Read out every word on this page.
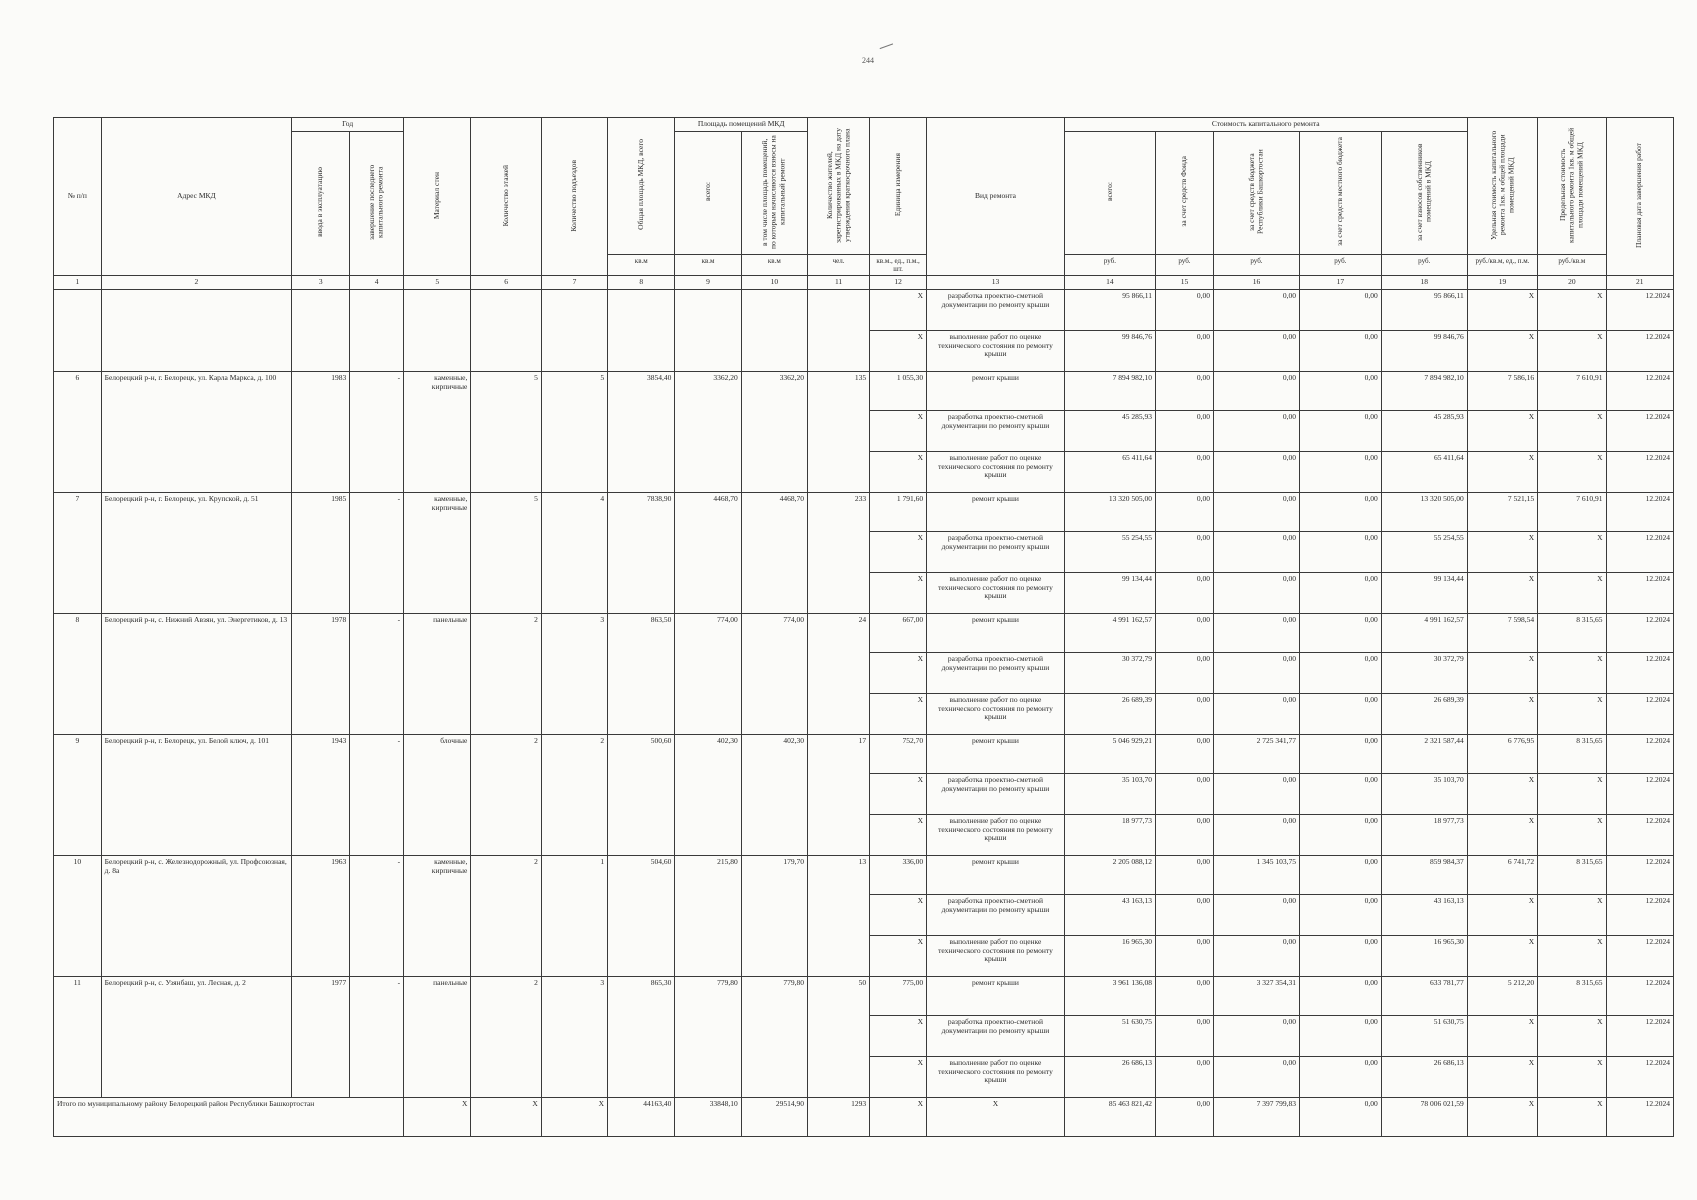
244
№ п/п	Адрес МКД	Год		Материал стен	Количество этажей	Количество подъездов	Общая площадь МКД, всего	Площадь помещений МКД		Количество жителей, зарегистрированных в МКД на дату утверждения краткосрочного плана	Единица измерения	Вид ремонта	Стоимость капитального ремонта					Удельная стоимость капитального ремонта 1кв. м общей площади помещений МКД	Предельная стоимость капитального ремонта 1кв. м общей площади помещений МКД	Плановая дата завершения работ
		ввода в эксплуатацию	завершение последнего капитального ремонта					всего:	в том числе площадь помещений, по которым начисляются взносы на капитальный ремонт				всего:	за счет средств Фонда	за счет средств бюджета Республики Башкортостан	за счет средств местного бюджета	за счет взносов собственников помещений в МКД			
							кв.м	кв.м	кв.м	чел.	кв.м., ед., п.м., шт.		руб.	руб.	руб.	руб.	руб.	руб./кв.м, ед., п.м.	руб./кв.м	
1	2	3	4	5	6	7	8	9	10	11	12	13	14	15	16	17	18	19	20	21
											X	разработка проектно-сметной документации по ремонту крыши	95 866,11	0,00	0,00	0,00	95 866,11	X	X	12.2024
											X	выполнение работ по оценке технического состояния по ремонту крыши	99 846,76	0,00	0,00	0,00	99 846,76	X	X	12.2024
6	Белорецкий р-н, г. Белорецк, ул. Карла Маркса, д. 100	1983	-	каменные, кирпичные	5	5	3854,40	3362,20	3362,20	135	1 055,30	ремонт крыши	7 894 982,10	0,00	0,00	0,00	7 894 982,10	7 586,16	7 610,91	12.2024
											X	разработка проектно-сметной документации по ремонту крыши	45 285,93	0,00	0,00	0,00	45 285,93	X	X	12.2024
											X	выполнение работ по оценке технического состояния по ремонту крыши	65 411,64	0,00	0,00	0,00	65 411,64	X	X	12.2024
7	Белорецкий р-н, г. Белорецк, ул. Крупской, д. 51	1985	-	каменные, кирпичные	5	4	7838,90	4468,70	4468,70	233	1 791,60	ремонт крыши	13 320 505,00	0,00	0,00	0,00	13 320 505,00	7 521,15	7 610,91	12.2024
											X	разработка проектно-сметной документации по ремонту крыши	55 254,55	0,00	0,00	0,00	55 254,55	X	X	12.2024
											X	выполнение работ по оценке технического состояния по ремонту крыши	99 134,44	0,00	0,00	0,00	99 134,44	X	X	12.2024
8	Белорецкий р-н, с. Нижний Авзян, ул. Энергетиков, д. 13	1978	-	панельные	2	3	863,50	774,00	774,00	24	667,00	ремонт крыши	4 991 162,57	0,00	0,00	0,00	4 991 162,57	7 598,54	8 315,65	12.2024
											X	разработка проектно-сметной документации по ремонту крыши	30 372,79	0,00	0,00	0,00	30 372,79	X	X	12.2024
											X	выполнение работ по оценке технического состояния по ремонту крыши	26 689,39	0,00	0,00	0,00	26 689,39	X	X	12.2024
9	Белорецкий р-н, г. Белорецк, ул. Белой ключ, д. 101	1943	-	блочные	2	2	500,60	402,30	402,30	17	752,70	ремонт крыши	5 046 929,21	0,00	2 725 341,77	0,00	2 321 587,44	6 776,95	8 315,65	12.2024
											X	разработка проектно-сметной документации по ремонту крыши	35 103,70	0,00	0,00	0,00	35 103,70	X	X	12.2024
											X	выполнение работ по оценке технического состояния по ремонту крыши	18 977,73	0,00	0,00	0,00	18 977,73	X	X	12.2024
10	Белорецкий р-н, с. Железнодорожный, ул. Профсоюзная, д. 8а	1963	-	каменные, кирпичные	2	1	504,60	215,80	179,70	13	336,00	ремонт крыши	2 205 088,12	0,00	1 345 103,75	0,00	859 984,37	6 741,72	8 315,65	12.2024
											X	разработка проектно-сметной документации по ремонту крыши	43 163,13	0,00	0,00	0,00	43 163,13	X	X	12.2024
											X	выполнение работ по оценке технического состояния по ремонту крыши	16 965,30	0,00	0,00	0,00	16 965,30	X	X	12.2024
11	Белорецкий р-н, с. Узянбаш, ул. Лесная, д. 2	1977	-	панельные	2	3	865,30	779,80	779,80	50	775,00	ремонт крыши	3 961 136,08	0,00	3 327 354,31	0,00	633 781,77	5 212,20	8 315,65	12.2024
											X	разработка проектно-сметной документации по ремонту крыши	51 630,75	0,00	0,00	0,00	51 630,75	X	X	12.2024
											X	выполнение работ по оценке технического состояния по ремонту крыши	26 686,13	0,00	0,00	0,00	26 686,13	X	X	12.2024
Итого по муниципальному району Белорецкий район Республики Башкортостан				X	X	X	44163,40	33848,10	29514,90	1293	X	X	85 463 821,42	0,00	7 397 799,83	0,00	78 006 021,59	X	X	12.2024
